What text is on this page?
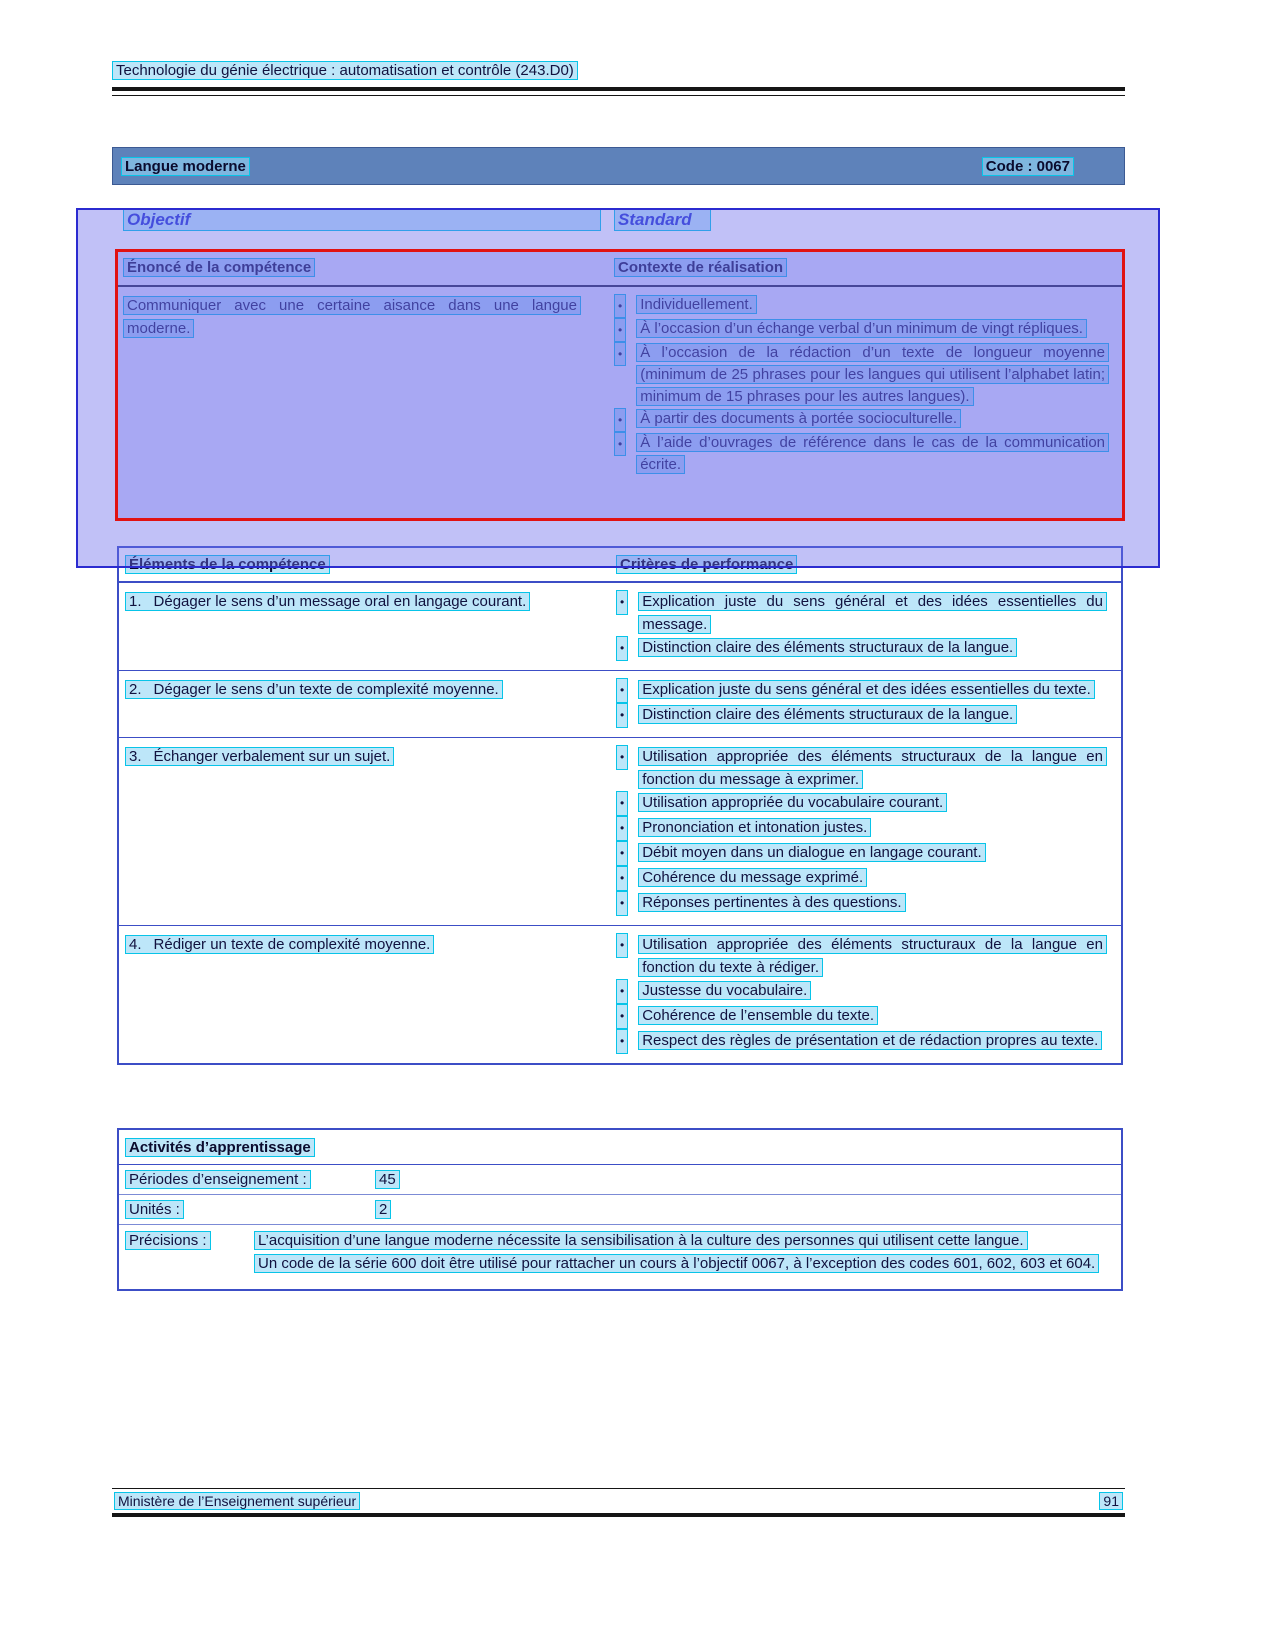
Technologie du génie électrique : automatisation et contrôle (243.D0)
Langue moderne	Code : 0067
Objectif	Standard
Énoncé de la compétence	Contexte de réalisation
Communiquer avec une certaine aisance dans une langue moderne.
• Individuellement.
• À l’occasion d’un échange verbal d’un minimum de vingt répliques.
• À l’occasion de la rédaction d’un texte de longueur moyenne (minimum de 25 phrases pour les langues qui utilisent l’alphabet latin; minimum de 15 phrases pour les autres langues).
• À partir des documents à portée socioculturelle.
• À l’aide d’ouvrages de référence dans le cas de la communication écrite.
Éléments de la compétence	Critères de performance
1. Dégager le sens d’un message oral en langage courant.	• Explication juste du sens général et des idées essentielles du message.
• Distinction claire des éléments structuraux de la langue.
2. Dégager le sens d’un texte de complexité moyenne.	• Explication juste du sens général et des idées essentielles du texte.
• Distinction claire des éléments structuraux de la langue.
3. Échanger verbalement sur un sujet.	• Utilisation appropriée des éléments structuraux de la langue en fonction du message à exprimer.
• Utilisation appropriée du vocabulaire courant.
• Prononciation et intonation justes.
• Débit moyen dans un dialogue en langage courant.
• Cohérence du message exprimé.
• Réponses pertinentes à des questions.
4. Rédiger un texte de complexité moyenne.	• Utilisation appropriée des éléments structuraux de la langue en fonction du texte à rédiger.
• Justesse du vocabulaire.
• Cohérence de l’ensemble du texte.
• Respect des règles de présentation et de rédaction propres au texte.
Activités d’apprentissage
Périodes d’enseignement :	45
Unités :	2
Précisions :	L’acquisition d’une langue moderne nécessite la sensibilisation à la culture des personnes qui utilisent cette langue.
Un code de la série 600 doit être utilisé pour rattacher un cours à l’objectif 0067, à l’exception des codes 601, 602, 603 et 604.
Ministère de l’Enseignement supérieur	91
